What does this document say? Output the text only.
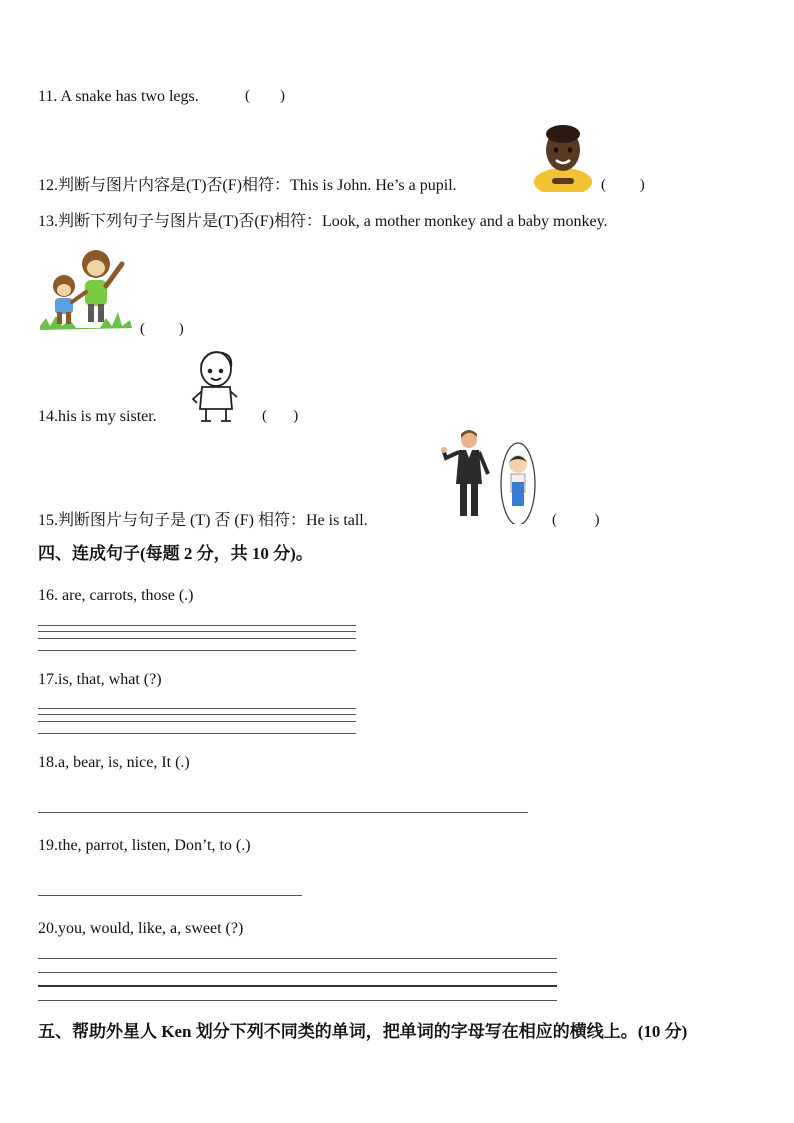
11. A snake has two legs.	(        )
12.判断与图片内容是(T)否(F)相符：This is John. He’s a pupil.	(         )
13.判断下列句子与图片是(T)否(F)相符：Look, a mother monkey and a baby monkey.
(         )
14.his is my sister.	(       )
15.判断图片与句子是 (T) 否 (F) 相符：He is tall.	(          )
四、连成句子(每题 2 分，共 10 分)。
16. are, carrots, those (.)
17.is, that, what (?)
18.a, bear, is, nice, It (.)
19.the, parrot, listen, Don’t, to (.)
20.you, would, like, a, sweet (?)
五、帮助外星人 Ken 划分下列不同类的单词，把单词的字母写在相应的横线上。(10 分)
